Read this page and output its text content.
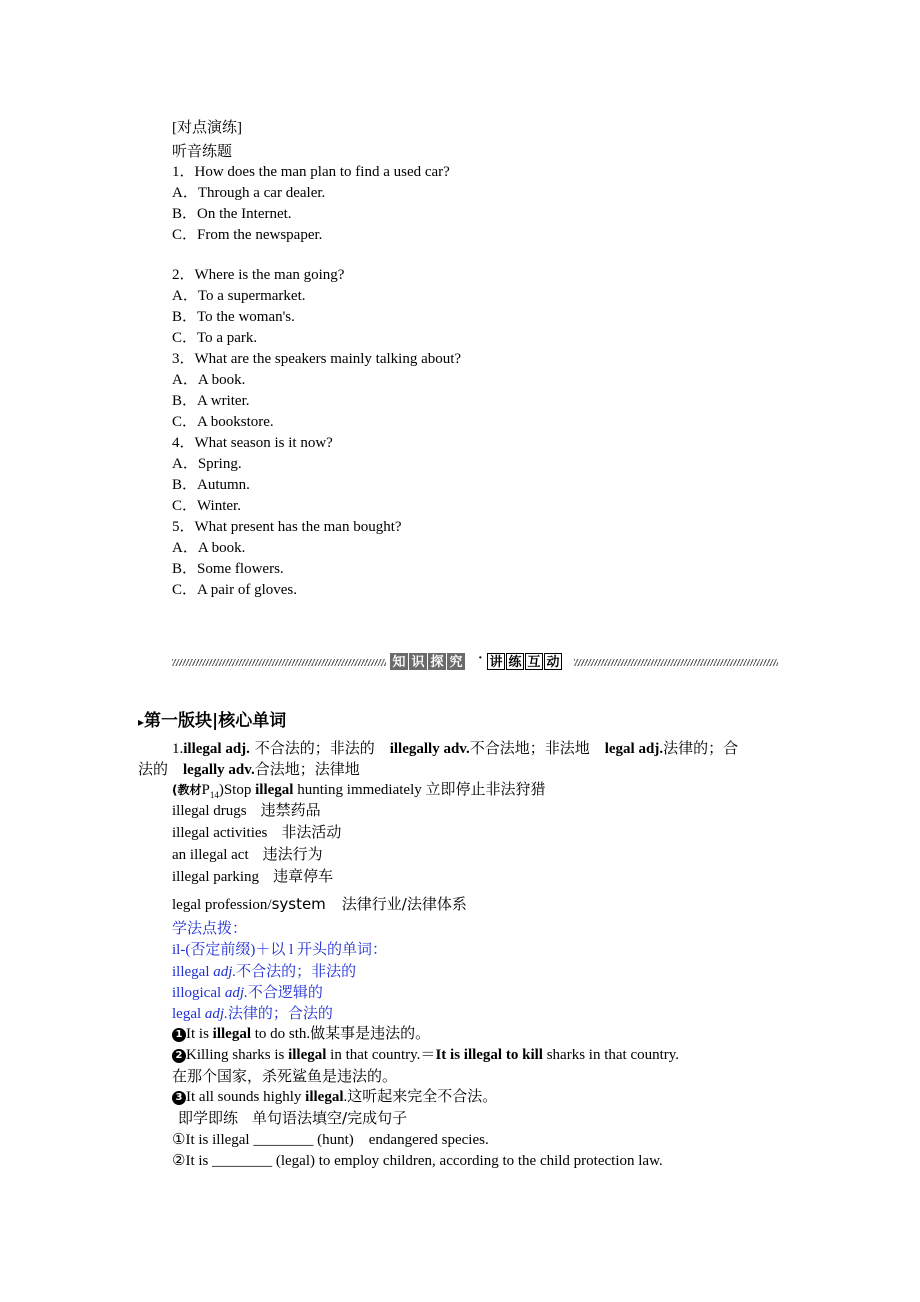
[对点演练]
听音练题
1．How does the man plan to find a used car?
A．Through a car dealer.
B．On the Internet.
C．From the newspaper.
2．Where is the man going?
A．To a supermarket.
B．To the woman's.
C．To a park.
3．What are the speakers mainly talking about?
A．A book.
B．A writer.
C．A bookstore.
4．What season is it now?
A．Spring.
B．Autumn.
C．Winter.
5．What present has the man bought?
A．A book.
B．Some flowers.
C．A pair of gloves.
知 识 探 究 · 讲 练 互 动
▸第一版块|核心单词
1.illegal adj. 不合法的；非法的　illegally adv.不合法地；非法地　legal adj.法律的；合
法的　legally adv.合法地；法律地
(教材$P_{14})Stop$ illegal hunting immediately 立即停止非法狩猎
illegal drugs 违禁药品
illegal activities 非法活动
an illegal act 违法行为
illegal parking 违章停车
legal profession/system 法律行业/法律体系
学法点拨：
il-(否定前缀)＋以 l 开头的单词：
illegal adj.不合法的；非法的
illogical adj.不合逻辑的
legal adj.法律的；合法的
1 It is illegal to do sth.做某事是违法的。
2 Killing sharks is illegal in that country.＝It is illegal to kill sharks in that country.
在那个国家，杀死鲨鱼是违法的。
3 It all sounds highly illegal.这听起来完全不合法。
即学即练 单句语法填空/完成句子
①It is illegal ________ (hunt)　endangered species.
②It is ________ (legal) to employ children, according to the child protection law.
